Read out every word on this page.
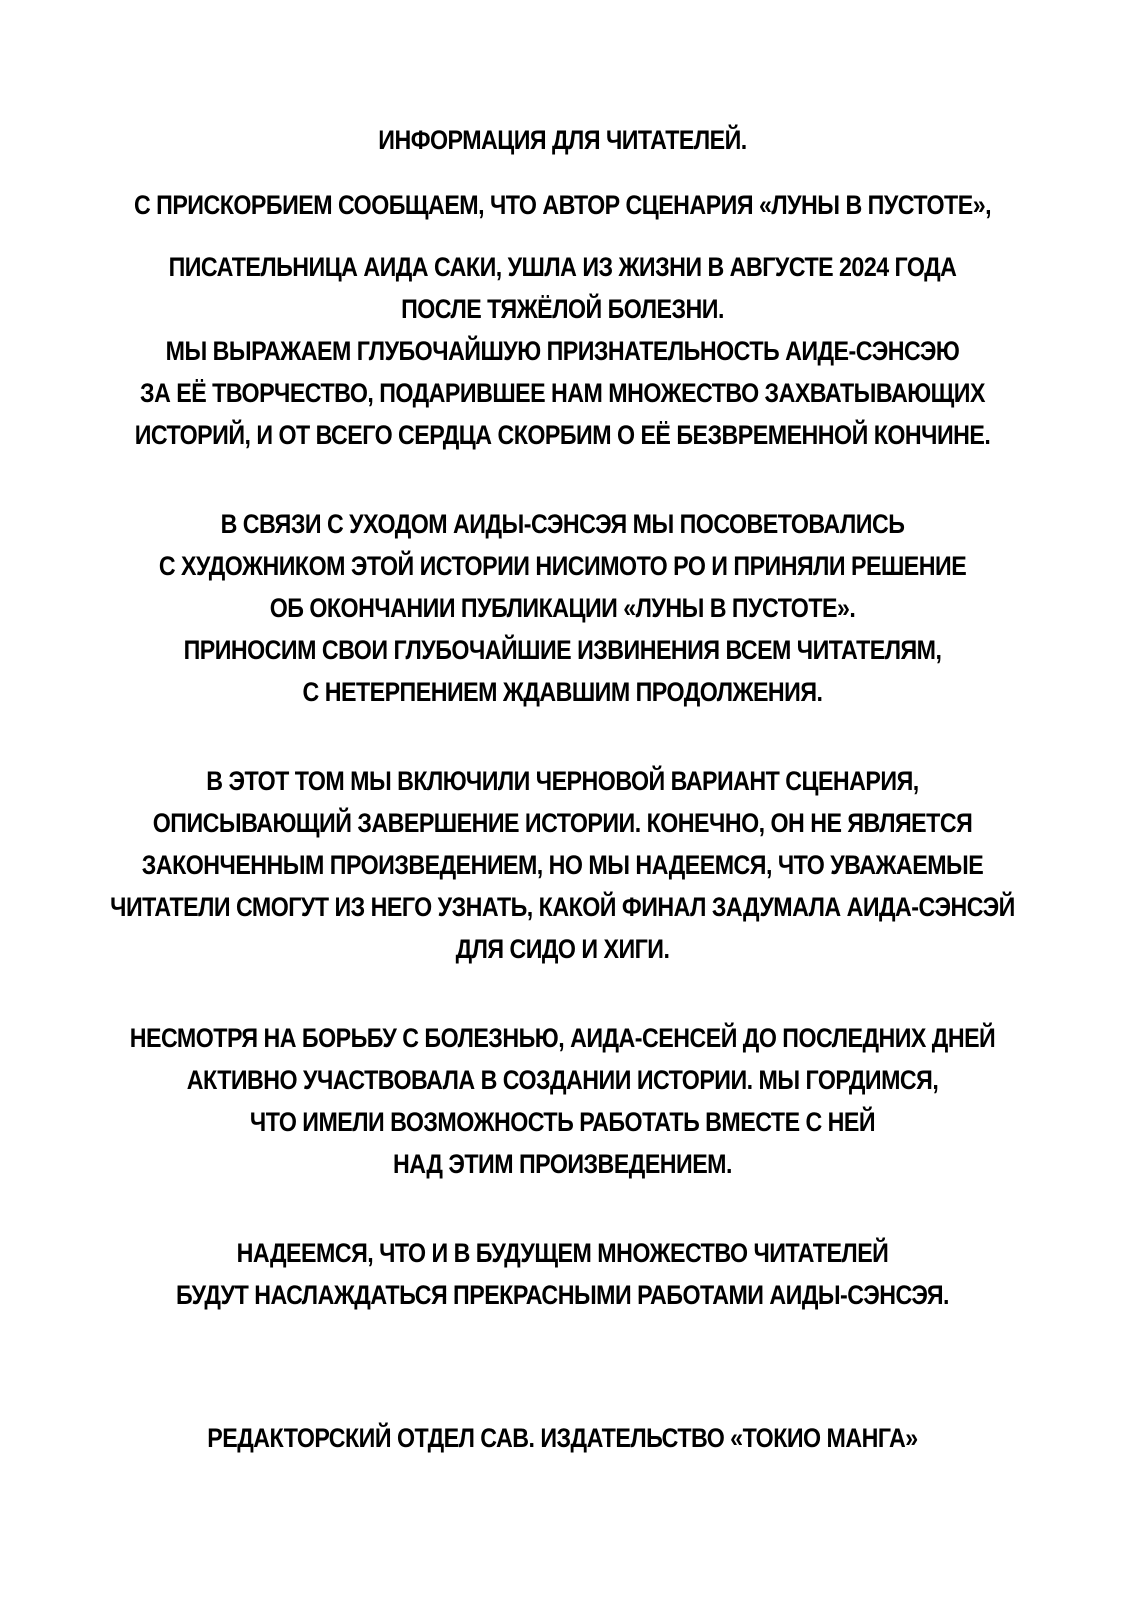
ИНФОРМАЦИЯ ДЛЯ ЧИТАТЕЛЕЙ.
С ПРИСКОРБИЕМ СООБЩАЕМ, ЧТО АВТОР СЦЕНАРИЯ «ЛУНЫ В ПУСТОТЕ»,
ПИСАТЕЛЬНИЦА АИДА САКИ, УШЛА ИЗ ЖИЗНИ В АВГУСТЕ 2024 ГОДА
ПОСЛЕ ТЯЖЁЛОЙ БОЛЕЗНИ.
МЫ ВЫРАЖАЕМ ГЛУБОЧАЙШУЮ ПРИЗНАТЕЛЬНОСТЬ АИДЕ-СЭНСЭЮ
ЗА ЕЁ ТВОРЧЕСТВО, ПОДАРИВШЕЕ НАМ МНОЖЕСТВО ЗАХВАТЫВАЮЩИХ
ИСТОРИЙ, И ОТ ВСЕГО СЕРДЦА СКОРБИМ О ЕЁ БЕЗВРЕМЕННОЙ КОНЧИНЕ.
В СВЯЗИ С УХОДОМ АИДЫ-СЭНСЭЯ МЫ ПОСОВЕТОВАЛИСЬ
С ХУДОЖНИКОМ ЭТОЙ ИСТОРИИ НИСИМОТО РО И ПРИНЯЛИ РЕШЕНИЕ
ОБ ОКОНЧАНИИ ПУБЛИКАЦИИ «ЛУНЫ В ПУСТОТЕ».
ПРИНОСИМ СВОИ ГЛУБОЧАЙШИЕ ИЗВИНЕНИЯ ВСЕМ ЧИТАТЕЛЯМ,
С НЕТЕРПЕНИЕМ ЖДАВШИМ ПРОДОЛЖЕНИЯ.
В ЭТОТ ТОМ МЫ ВКЛЮЧИЛИ ЧЕРНОВОЙ ВАРИАНТ СЦЕНАРИЯ,
ОПИСЫВАЮЩИЙ ЗАВЕРШЕНИЕ ИСТОРИИ. КОНЕЧНО, ОН НЕ ЯВЛЯЕТСЯ
ЗАКОНЧЕННЫМ ПРОИЗВЕДЕНИЕМ, НО МЫ НАДЕЕМСЯ, ЧТО УВАЖАЕМЫЕ
ЧИТАТЕЛИ СМОГУТ ИЗ НЕГО УЗНАТЬ, КАКОЙ ФИНАЛ ЗАДУМАЛА АИДА-СЭНСЭЙ
ДЛЯ СИДО И ХИГИ.
НЕСМОТРЯ НА БОРЬБУ С БОЛЕЗНЬЮ, АИДА-СЕНСЕЙ ДО ПОСЛЕДНИХ ДНЕЙ
АКТИВНО УЧАСТВОВАЛА В СОЗДАНИИ ИСТОРИИ. МЫ ГОРДИМСЯ,
ЧТО ИМЕЛИ ВОЗМОЖНОСТЬ РАБОТАТЬ ВМЕСТЕ С НЕЙ
НАД ЭТИМ ПРОИЗВЕДЕНИЕМ.
НАДЕЕМСЯ, ЧТО И В БУДУЩЕМ МНОЖЕСТВО ЧИТАТЕЛЕЙ
БУДУТ НАСЛАЖДАТЬСЯ ПРЕКРАСНЫМИ РАБОТАМИ АИДЫ-СЭНСЭЯ.
РЕДАКТОРСКИЙ ОТДЕЛ САВ. ИЗДАТЕЛЬСТВО «ТОКИО МАНГА»
